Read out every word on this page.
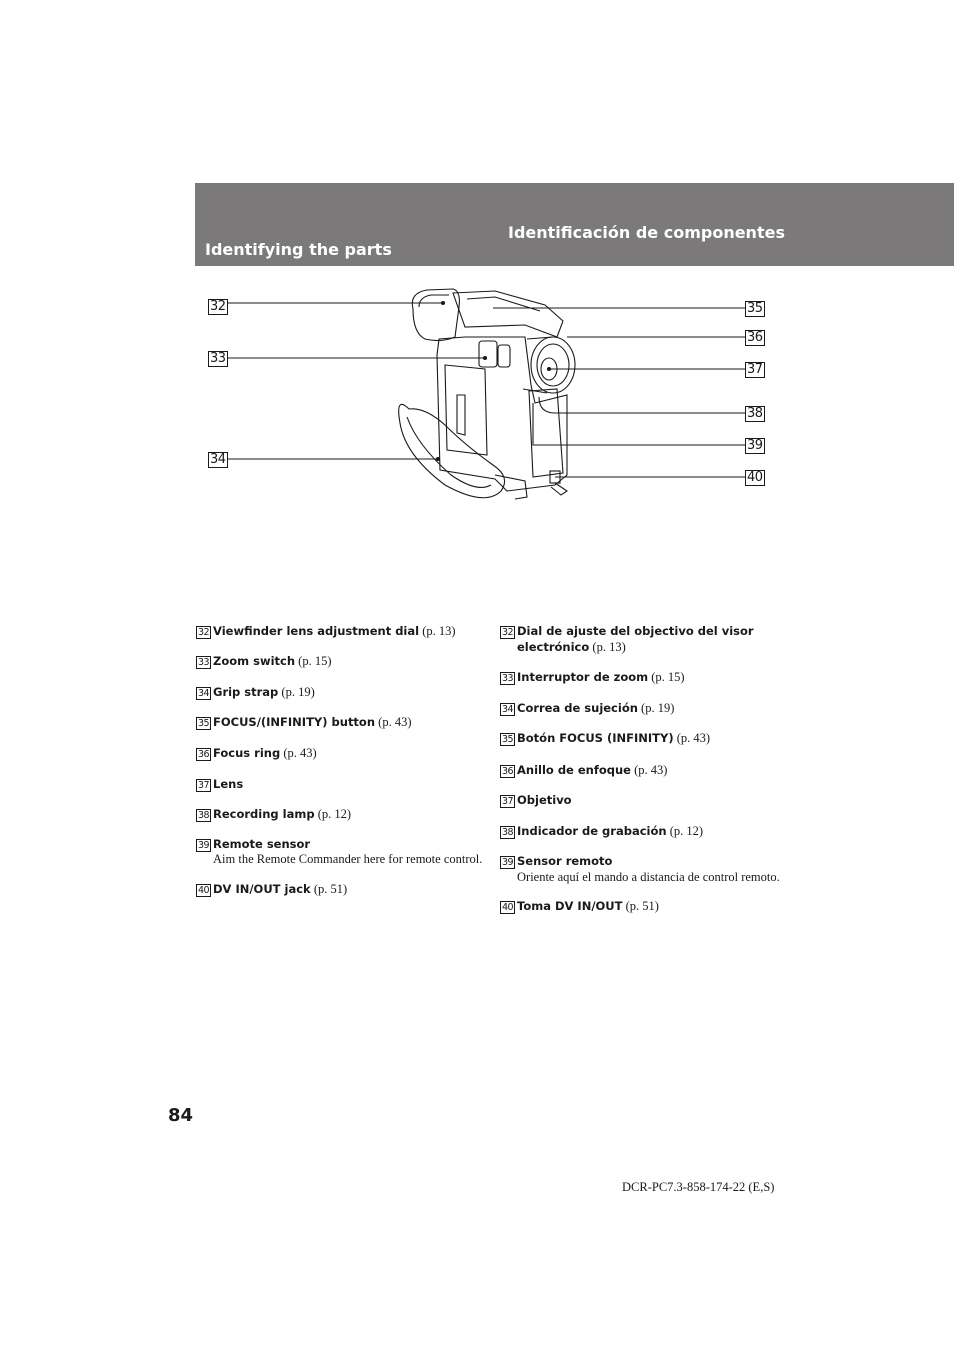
Identifying the parts
Identificación de componentes
32
33
34
35
36
37
38
39
40
32 Viewfinder lens adjustment dial (p. 13)
33 Zoom switch (p. 15)
34 Grip strap (p. 19)
35 FOCUS/(INFINITY) button (p. 43)
36 Focus ring (p. 43)
37 Lens
38 Recording lamp (p. 12)
39 Remote sensor
Aim the Remote Commander here for remote control.
40 DV IN/OUT jack (p. 51)
32 Dial de ajuste del objectivo del visor electrónico (p. 13)
33 Interruptor de zoom (p. 15)
34 Correa de sujeción (p. 19)
35 Botón FOCUS (INFINITY) (p. 43)
36 Anillo de enfoque (p. 43)
37 Objetivo
38 Indicador de grabación (p. 12)
39 Sensor remoto
Oriente aquí el mando a distancia de control remoto.
40 Toma DV IN/OUT (p. 51)
84
DCR-PC7.3-858-174-22 (E,S)
